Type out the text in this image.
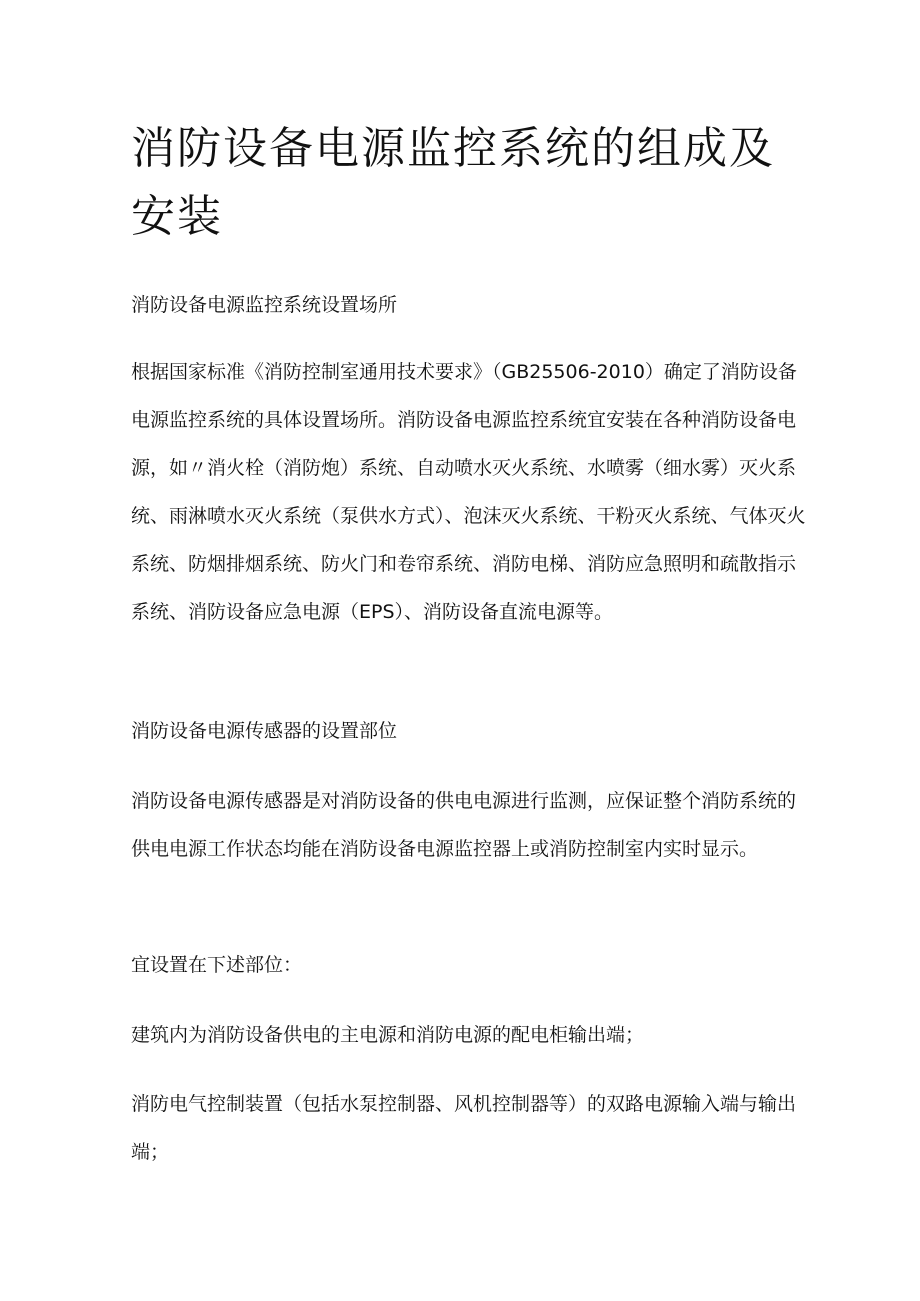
消防设备电源监控系统的组成及安装

消防设备电源监控系统设置场所

根据国家标准《消防控制室通用技术要求》（GB25506-2010）确定了消防设备电源监控系统的具体设置场所。消防设备电源监控系统宜安装在各种消防设备电源，如〃消火栓（消防炮）系统、自动喷水灭火系统、水喷雾（细水雾）灭火系统、雨淋喷水灭火系统（泵供水方式）、泡沫灭火系统、干粉灭火系统、气体灭火系统、防烟排烟系统、防火门和卷帘系统、消防电梯、消防应急照明和疏散指示系统、消防设备应急电源（EPS）、消防设备直流电源等。

消防设备电源传感器的设置部位

消防设备电源传感器是对消防设备的供电电源进行监测，应保证整个消防系统的供电电源工作状态均能在消防设备电源监控器上或消防控制室内实时显示。

宜设置在下述部位：

建筑内为消防设备供电的主电源和消防电源的配电柜输出端；

消防电气控制装置（包括水泵控制器、风机控制器等）的双路电源输入端与输出端；
